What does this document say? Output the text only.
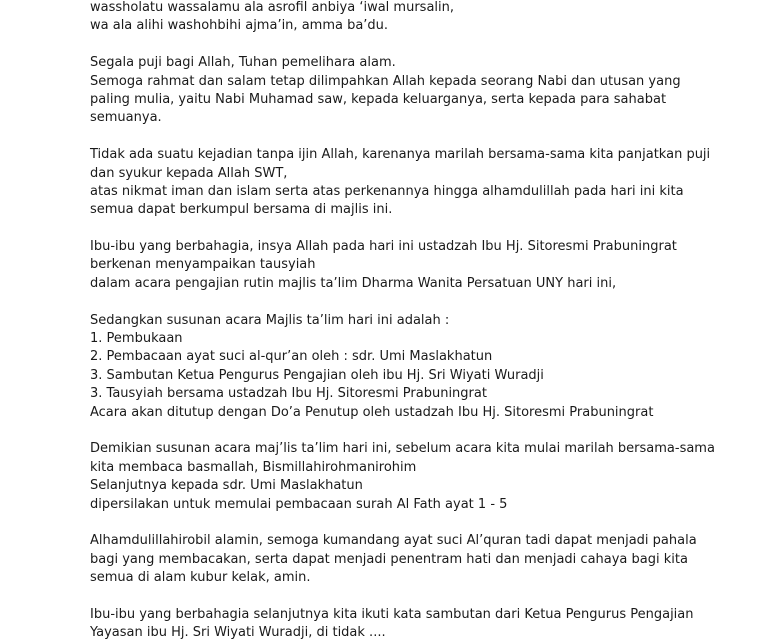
wassholatu wassalamu ala asrofil anbiya ‘iwal mursalin,
wa ala alihi washohbihi ajma’in, amma ba’du.
Segala puji bagi Allah, Tuhan pemelihara alam.
Semoga rahmat dan salam tetap dilimpahkan Allah kepada seorang Nabi dan utusan yang
paling mulia, yaitu Nabi Muhamad saw, kepada keluarganya, serta kepada para sahabat
semuanya.
Tidak ada suatu kejadian tanpa ijin Allah, karenanya marilah bersama-sama kita panjatkan puji
dan syukur kepada Allah SWT,
atas nikmat iman dan islam serta atas perkenannya hingga alhamdulillah pada hari ini kita
semua dapat berkumpul bersama di majlis ini.
Ibu-ibu yang berbahagia, insya Allah pada hari ini ustadzah Ibu Hj. Sitoresmi Prabuningrat
berkenan menyampaikan tausyiah
dalam acara pengajian rutin majlis ta’lim Dharma Wanita Persatuan UNY hari ini,
Sedangkan susunan acara Majlis ta’lim hari ini adalah :
1. Pembukaan
2. Pembacaan ayat suci al-qur’an oleh : sdr. Umi Maslakhatun
3. Sambutan Ketua Pengurus Pengajian oleh ibu Hj. Sri Wiyati Wuradji
3. Tausyiah bersama ustadzah Ibu Hj. Sitoresmi Prabuningrat
Acara akan ditutup dengan Do’a Penutup oleh ustadzah Ibu Hj. Sitoresmi Prabuningrat
Demikian susunan acara maj’lis ta’lim hari ini, sebelum acara kita mulai marilah bersama-sama
kita membaca basmallah, Bismillahirohmanirohim
Selanjutnya kepada sdr. Umi Maslakhatun
dipersilakan untuk memulai pembacaan surah Al Fath ayat 1 - 5
Alhamdulillahirobil alamin, semoga kumandang ayat suci Al’quran tadi dapat menjadi pahala
bagi yang membacakan, serta dapat menjadi penentram hati dan menjadi cahaya bagi kita
semua di alam kubur kelak, amin.
Ibu-ibu yang berbahagia selanjutnya kita ikuti kata sambutan dari Ketua Pengurus Pengajian
Yayasan ibu Hj. Sri Wiyati Wuradji, di tidak ....
